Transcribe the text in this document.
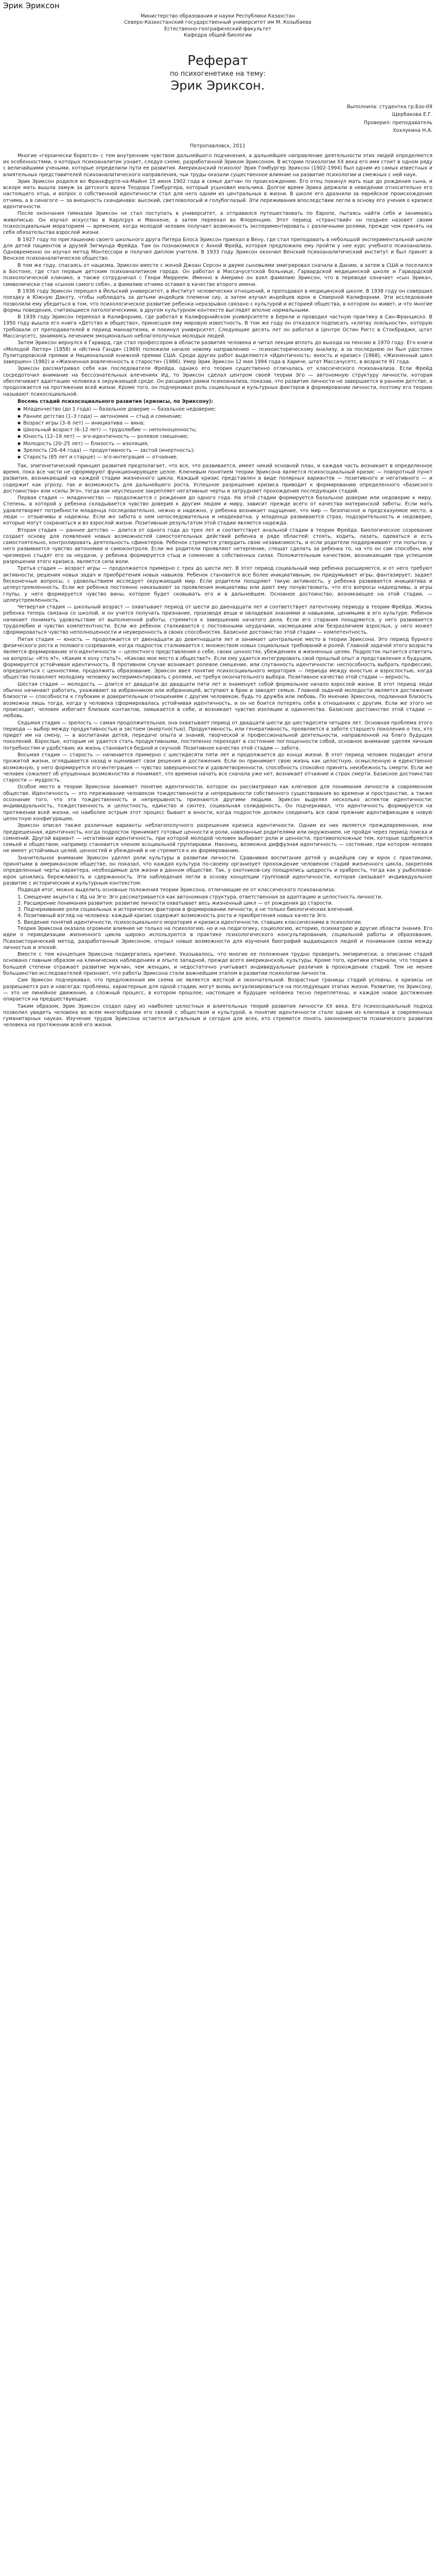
Эрик Эриксон

Министерство образования и науки Республики Казахстан

Северо-Казахстанский государственный университет им М. Козыбаева

Естественно-географический факультет

Кафедра общей биологии

Реферат

по психогенетике на тему:

Эрик Эриксон.

Выполнила: студентка гр.Бзо-09

Щербакова Е.Г.

Проверил: преподаватель

Хохлукина Н.А.

Петропавловск, 2011

Многие «героически борются» с тем внутренним чувством дальнейшего подчинения, а дальнейшее направление деятельности этих людей определяется их особенностями, о которых психоаналитик узнает, следуя схеме, разработанной Эриком Эриксоном. В истории психологии XX века его имя стоит в одном ряду с величайшими учеными, которые определили пути ее развития. Американский психолог Эрик Гомбургер Эриксон (1902-1994) был одним из самых известных и влиятельных представителей психоаналитического направления, чьи труды оказали существенное влияние на развитие психологии и смежных с ней наук.

Эрик Эриксон родился во Франкфурте-на-Майне 15 июня 1902 года в семье датчан по происхождению. Его отец покинул мать еще до рождения сына, и вскоре мать вышла замуж за детского врача Теодора Гомбургера, который усыновил мальчика. Долгое время Эрика держали в неведении относительно его настоящего отца, и вопрос о собственной идентичности стал для него одним из центральных в жизни. В школе его дразнили за еврейское происхождение отчима, а в синагоге — за внешность скандинава: высокий, светловолосый и голубоглазый. Эти переживания впоследствии легли в основу его учения о кризисе идентичности.

После окончания гимназии Эриксон не стал поступать в университет, а отправился путешествовать по Европе, пытаясь найти себя и занимаясь живописью. Он изучал искусство в Карлсруэ и Мюнхене, а затем переехал во Флоренцию. Этот период «странствий» он позднее назовет своим психосоциальным мораторием — временем, когда молодой человек получает возможность экспериментировать с различными ролями, прежде чем принять на себя обязательства взрослой жизни.

В 1927 году по приглашению своего школьного друга Питера Блоса Эриксон приехал в Вену, где стал преподавать в небольшой экспериментальной школе для детей пациентов и друзей Зигмунда Фрейда. Там он познакомился с Анной Фрейд, которая предложила ему пройти у нее курс учебного психоанализа. Одновременно он изучал метод Монтессори и получил диплом учителя. В 1933 году Эриксон окончил Венский психоаналитический институт и был принят в Венское психоаналитическое общество.

В том же году, спасаясь от нацизма, Эриксон вместе с женой Джоан Серсон и двумя сыновьями эмигрировал сначала в Данию, а затем в США и поселился в Бостоне, где стал первым детским психоаналитиком города. Он работал в Массачусетской больнице, Гарвардской медицинской школе и Гарвардской психологической клинике, а также сотрудничал с Генри Мюрреем. Именно в Америке он взял фамилию Эриксон, что в переводе означает «сын Эрика», символически став «сыном самого себя», а фамилию отчима оставил в качестве второго имени.

В 1936 году Эриксон перешел в Йельский университет, в Институт человеческих отношений, и преподавал в медицинской школе. В 1938 году он совершил поездку в Южную Дакоту, чтобы наблюдать за детьми индейцев племени сиу, а затем изучал индейцев юрок в Северной Калифорнии. Эти исследования позволили ему убедиться в том, что психологическое развитие ребенка неразрывно связано с культурой и историей общества, в котором он живет, и что многие формы поведения, считающиеся патологическими, в другом культурном контексте выглядят вполне нормальными.

В 1939 году Эриксон переехал в Калифорнию, где работал в Калифорнийском университете в Беркли и проводил частную практику в Сан-Франциско. В 1950 году вышла его книга «Детство и общество», принесшая ему мировую известность. В том же году он отказался подписать «клятву лояльности», которую требовали от преподавателей в период маккартизма, и покинул университет. Следующие десять лет он работал в Центре Остин Риггс в Стокбридже, штат Массачусетс, занимаясь лечением эмоционально неблагополучных молодых людей.

Затем Эриксон вернулся в Гарвард, где стал профессором в области развития человека и читал лекции вплоть до выхода на пенсию в 1970 году. Его книги «Молодой Лютер» (1958) и «Истина Ганди» (1969) положили начало новому направлению — психоисторическому анализу, а за последнюю он был удостоен Пулитцеровской премии и Национальной книжной премии США. Среди других работ выделяются «Идентичность: юность и кризис» (1968), «Жизненный цикл завершен» (1982) и «Жизненная вовлеченность в старости» (1986). Умер Эрик Эриксон 12 мая 1994 года в Хариче, штат Массачусетс, в возрасте 91 года.

Эриксон рассматривал себя как последователя Фрейда, однако его теория существенно отличалась от классического психоанализа. Если Фрейд сосредоточил внимание на бессознательных влечениях Ид, то Эриксон сделал центром своей теории Эго — автономную структуру личности, которая обеспечивает адаптацию человека к окружающей среде. Он расширил рамки психоанализа, показав, что развитие личности не завершается в раннем детстве, а продолжается на протяжении всей жизни. Кроме того, он подчеркивал роль социальных и культурных факторов в формировании личности, поэтому его теорию называют психосоциальной.

Восемь стадий психосоциального развития (кризисы, по Эриксону):

● Младенчество (до 1 года) — базальное доверие — базальное недоверие;
● Раннее детство (1–3 года) — автономия — стыд и сомнение;
● Возраст игры (3–6 лет) — инициатива — вина;
● Школьный возраст (6–12 лет) — трудолюбие — неполноценность;
● Юность (12–19 лет) — эго-идентичность — ролевое смешение;
● Молодость (20–25 лет) — близость — изоляция;
● Зрелость (26–64 года) — продуктивность — застой (инертность);
● Старость (65 лет и старше) — эго-интеграция — отчаяние.

Так, эпигенетический принцип развития предполагает, что все, что развивается, имеет некий основной план, и каждая часть возникает в определенное время, пока все части не сформируют функционирующее целое. Ключевым понятием теории Эриксона является психосоциальный кризис — поворотный пункт развития, возникающий на каждой стадии жизненного цикла. Каждый кризис представлен в виде полярных вариантов — позитивного и негативного — и содержит как угрозу, так и возможность для дальнейшего роста. Успешное разрешение кризиса приводит к формированию определенного «базисного достоинства» или «силы Эго», тогда как неуспешное закрепляет негативные черты и затрудняет прохождение последующих стадий.

Первая стадия — младенчество — продолжается с рождения до одного года. На этой стадии формируется базальное доверие или недоверие к миру. Степень, в которой у ребенка складывается чувство доверия к другим людям и миру, зависит прежде всего от качества материнской заботы. Если мать удовлетворяет потребности младенца последовательно, нежно и надежно, у ребенка возникает ощущение, что мир — безопасное и предсказуемое место, а люди — отзывчивы и надежны. Если же забота о нем непоследовательна и неадекватна, у младенца развиваются страх, подозрительность и недоверие, которые могут сохраниться и во взрослой жизни. Позитивным результатом этой стадии является надежда.

Вторая стадия — раннее детство — длится от одного года до трех лет и соответствует анальной стадии в теории Фрейда. Биологическое созревание создает основу для появления новых возможностей самостоятельных действий ребенка в ряде областей: стоять, ходить, лазать, одеваться и есть самостоятельно, контролировать деятельность сфинктеров. Ребенок стремится утвердить свою независимость, и если родители поддерживают эти попытки, у него развивается чувство автономии и самоконтроля. Если же родители проявляют нетерпение, спешат сделать за ребенка то, на что он сам способен, или чрезмерно стыдят его за неудачи, у ребенка формируется стыд и сомнение в собственных силах. Положительным качеством, возникающим при успешном разрешении этого кризиса, является сила воли.

Третья стадия — возраст игры — продолжается примерно с трех до шести лет. В этот период социальный мир ребенка расширяется, и от него требуют активности, решения новых задач и приобретения новых навыков. Ребенок становится все более инициативным, он придумывает игры, фантазирует, задает бесконечные вопросы, с удовольствием исследует окружающий мир. Если родители поощряют такую активность, у ребенка развивается инициатива и целеустремленность. Если же ребенка постоянно наказывают за проявления инициативы или дают ему почувствовать, что его вопросы надоедливы, а игры глупы, у него формируется чувство вины, которое будет сковывать его и в дальнейшем. Основное достоинство, возникающее на этой стадии, — целеустремленность.

Четвертая стадия — школьный возраст — охватывает период от шести до двенадцати лет и соответствует латентному периоду в теории Фрейда. Жизнь ребенка теперь связана со школой, и он учится получать признание, производя вещи и овладевая знаниями и навыками, ценимыми в его культуре. Ребенок начинает понимать удовольствие от выполненной работы, стремится к завершению начатого дела. Если его старания поощряются, у него развивается трудолюбие и чувство компетентности. Если же ребенок сталкивается с постоянными неудачами, насмешками или безразличием взрослых, у него может сформироваться чувство неполноценности и неуверенность в своих способностях. Базисное достоинство этой стадии — компетентность.

Пятая стадия — юность — продолжается от двенадцати до девятнадцати лет и занимает центральное место в теории Эриксона. Это период бурного физического роста и полового созревания, когда подросток сталкивается с множеством новых социальных требований и ролей. Главной задачей этого возраста является формирование эго-идентичности — целостного представления о себе, своих ценностях, убеждениях и жизненных целях. Подросток пытается ответить на вопросы: «Кто я?», «Каким я хочу стать?», «Каково мое место в обществе?». Если ему удается интегрировать свой прошлый опыт и представления о будущем, формируется устойчивая идентичность. В противном случае возникает ролевое смешение, или спутанность идентичности: неспособность выбрать профессию, определиться с ценностями, продолжить образование. Эриксон ввел понятие психосоциального моратория — периода между юностью и взрослостью, когда общество позволяет молодому человеку экспериментировать с ролями, не требуя окончательного выбора. Позитивное качество этой стадии — верность.

Шестая стадия — молодость — длится от двадцати до двадцати пяти лет и знаменует собой формальное начало взрослой жизни. В этот период люди обычно начинают работать, ухаживают за избранником или избранницей, вступают в брак и заводят семью. Главной задачей молодости является достижение близости — способности к глубоким и доверительным отношениям с другим человеком, будь то дружба или любовь. По мнению Эриксона, подлинная близость возможна лишь тогда, когда у человека сформировалась устойчивая идентичность, и он не боится потерять себя в отношениях с другим. Если же этого не происходит, человек избегает близких контактов, замыкается в себе, и возникает чувство изоляции и одиночества. Базисное достоинство этой стадии — любовь.

Седьмая стадия — зрелость — самая продолжительная, она охватывает период от двадцати шести до шестидесяти четырех лет. Основная проблема этого периода — выбор между продуктивностью и застоем (инертностью). Продуктивность, или генеративность, проявляется в заботе старшего поколения о тех, кто придет им на смену, — в воспитании детей, передаче опыта и знаний, творческой и профессиональной деятельности, направленной на благо будущих поколений. Взрослые, которым не удается стать продуктивными, постепенно переходят в состояние поглощенности собой, основное внимание уделяя личным потребностям и удобствам; их жизнь становится бедной и скучной. Позитивное качество этой стадии — забота.

Восьмая стадия — старость — начинается примерно с шестидесяти пяти лет и продолжается до конца жизни. В этот период человек подводит итоги прожитой жизни, оглядывается назад и оценивает свои решения и достижения. Если он принимает свою жизнь как целостную, осмысленную и единственно возможную, у него формируется эго-интеграция — чувство завершенности и удовлетворенности, способность спокойно принять неизбежность смерти. Если же человек сожалеет об упущенных возможностях и понимает, что времени начать все сначала уже нет, возникает отчаяние и страх смерти. Базисное достоинство старости — мудрость.

Особое место в теории Эриксона занимает понятие идентичности, которое он рассматривал как ключевое для понимания личности в современном обществе. Идентичность — это переживание человеком тождественности и непрерывности собственного существования во времени и пространстве, а также осознание того, что эта тождественность и непрерывность признаются другими людьми. Эриксон выделял несколько аспектов идентичности: индивидуальность, тождественность и целостность, единство и синтез, социальная солидарность. Он подчеркивал, что идентичность формируется на протяжении всей жизни, но наиболее острым этот процесс бывает в юности, когда подросток должен соединить все свои прежние идентификации в новую целостную конфигурацию.

Эриксон описал также различные варианты неблагополучного разрешения кризиса идентичности. Одним из них является преждевременная, или предрешенная, идентичность, когда подросток принимает готовые ценности и роли, навязанные родителями или окружением, не пройдя через период поиска и сомнений. Другой вариант — негативная идентичность, при которой молодой человек выбирает роли и ценности, противоположные тем, которые одобряются семьей и обществом, например становится членом асоциальной группировки. Наконец, возможна диффузная идентичность — состояние, при котором человек не имеет устойчивых целей, ценностей и убеждений и не стремится к их формированию.

Значительное внимание Эриксон уделял роли культуры в развитии личности. Сравнивая воспитание детей у индейцев сиу и юрок с практиками, принятыми в американском обществе, он показал, что каждая культура по-своему организует прохождение человеком стадий жизненного цикла, закрепляя определенные черты характера, необходимые для жизни в данном обществе. Так, у охотников-сиу поощрялись щедрость и храбрость, тогда как у рыболовов-юрок ценились бережливость и сдержанность. Эти наблюдения легли в основу концепции групповой идентичности, которая связывает индивидуальное развитие с историческим и культурным контекстом.

Подводя итог, можно выделить основные положения теории Эриксона, отличающие ее от классического психоанализа:

1. Смещение акцента с Ид на Эго: Эго рассматривается как автономная структура, ответственная за адаптацию и целостность личности.

2. Расширение понимания развития: развитие личности охватывает весь жизненный цикл — от рождения до старости.

3. Подчеркивание роли социальных и исторических факторов в формировании личности, а не только биологических влечений.

4. Позитивный взгляд на человека: каждый кризис содержит возможность роста и приобретения новых качеств Эго.

5. Введение понятий идентичности, психосоциального моратория и кризиса идентичности, ставших классическими в психологии.

Теория Эриксона оказала огромное влияние не только на психологию, но и на педагогику, социологию, историю, психиатрию и другие области знания. Его идеи о периодизации жизненного цикла широко используются в практике психологического консультирования, социальной работы и образования. Психоисторический метод, разработанный Эриксоном, открыл новые возможности для изучения биографий выдающихся людей и понимания связи между личностью и эпохой.

Вместе с тем концепция Эриксона подвергалась критике. Указывалось, что многие ее положения трудно проверить эмпирически, а описание стадий основано главным образом на клинических наблюдениях и опыте западной, прежде всего американской, культуры. Кроме того, критики отмечали, что теория в большей степени отражает развитие мужчин, чем женщин, и недостаточно учитывает индивидуальные различия в прохождении стадий. Тем не менее большинство исследователей признают, что работы Эриксона стали важнейшим этапом в развитии психологии личности.

Сам Эриксон подчеркивал, что предложенная им схема не является жесткой и окончательной. Возрастные границы стадий условны, а кризисы не разрешаются раз и навсегда: проблемы, характерные для одной стадии, могут вновь актуализироваться на последующих этапах жизни. Развитие, по Эриксону, — это не линейное движение, а сложный процесс, в котором прошлое, настоящее и будущее человека тесно переплетены, и каждое новое достижение опирается на предшествующие.

Таким образом, Эрик Эриксон создал одну из наиболее целостных и влиятельных теорий развития личности XX века. Его психосоциальный подход позволил увидеть человека во всем многообразии его связей с обществом и культурой, а понятие идентичности стало одним из ключевых в современных гуманитарных науках. Изучение трудов Эриксона остается актуальным и сегодня для всех, кто стремится понять закономерности психического развития человека на протяжении всей его жизни.
